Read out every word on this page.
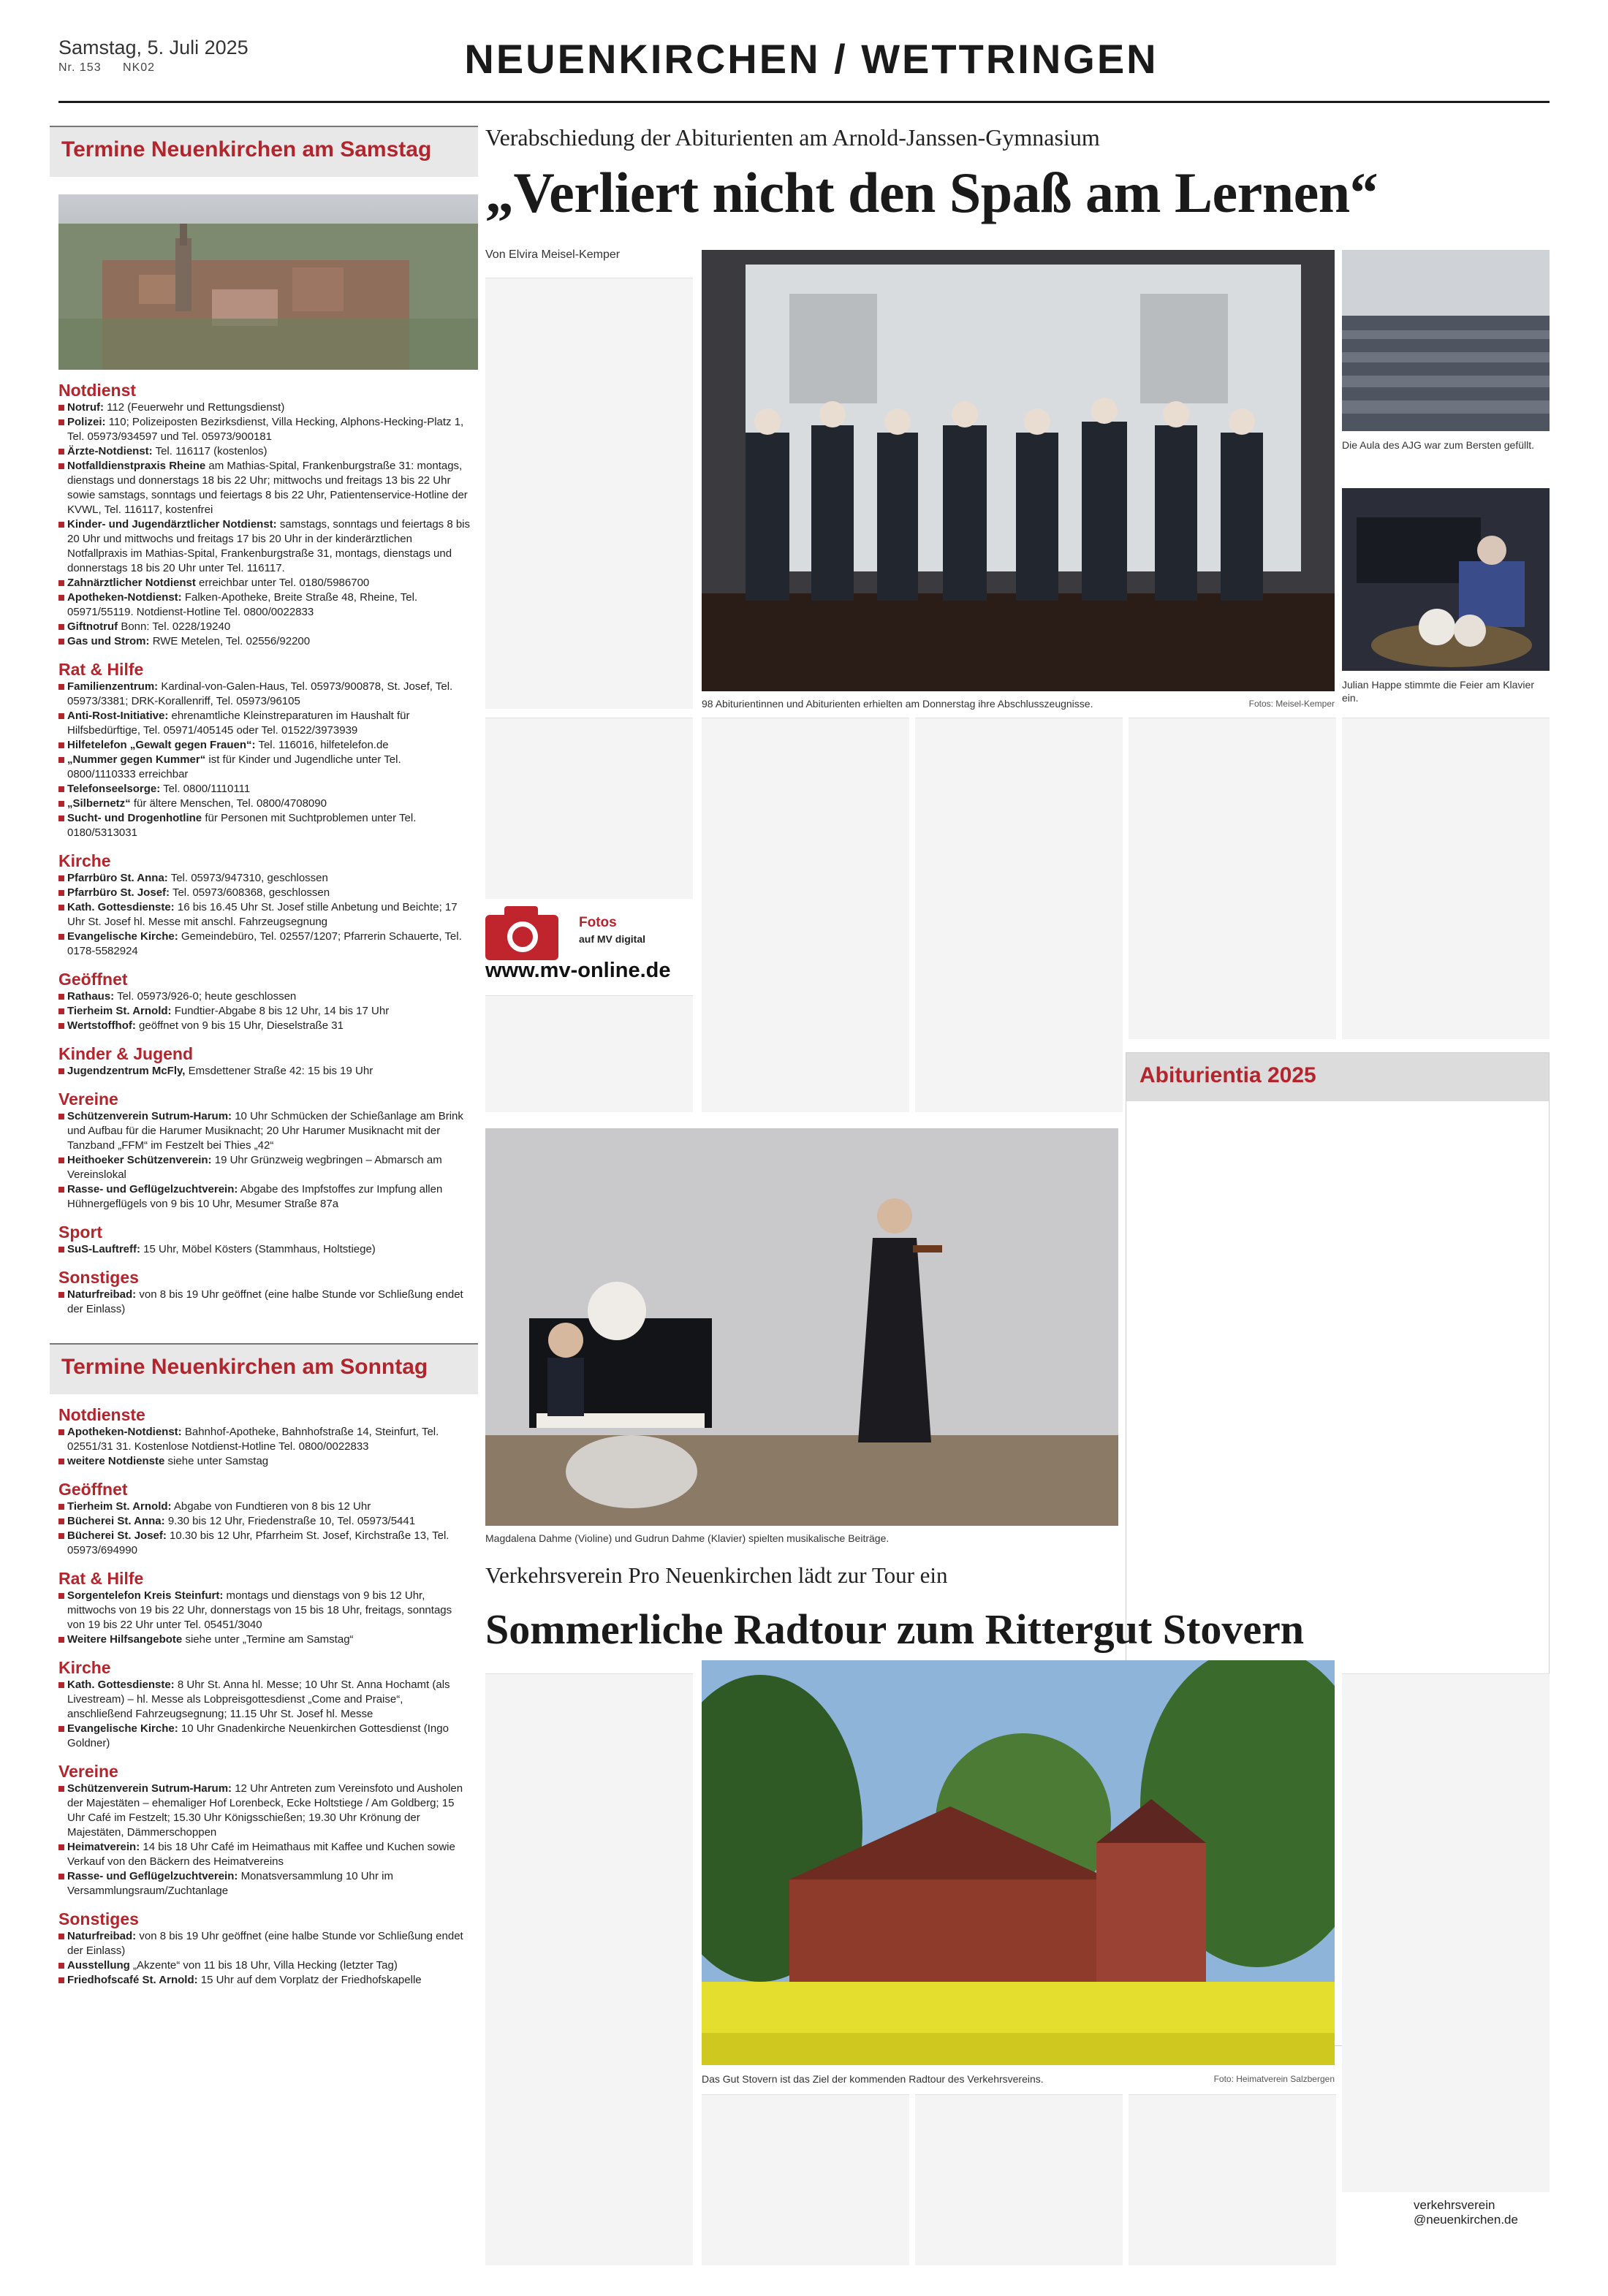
Samstag, 5. Juli 2025
Nr. 153 NK02	NEUENKIRCHEN / WETTRINGEN
Termine Neuenkirchen am Samstag
Notdienst
Notruf: 112 (Feuerwehr und Rettungsdienst)
Polizei: 110; Polizeiposten Bezirksdienst, Villa Hecking, Alphons-Hecking-Platz 1, Tel. 05973/934597 und Tel. 05973/900181
Ärzte-Notdienst: Tel. 116117 (kostenlos)
Notfalldienstpraxis Rheine am Mathias-Spital, Frankenburgstraße 31: montags, dienstags und donnerstags 18 bis 22 Uhr; mittwochs und freitags 13 bis 22 Uhr sowie samstags, sonntags und feiertags 8 bis 22 Uhr, Patientenservice-Hotline der KVWL, Tel. 116117, kostenfrei
Kinder- und Jugendärztlicher Notdienst: samstags, sonntags und feiertags 8 bis 20 Uhr und mittwochs und freitags 17 bis 20 Uhr in der kinderärztlichen Notfallpraxis im Mathias-Spital, Frankenburgstraße 31, montags, dienstags und donnerstags 18 bis 20 Uhr unter Tel. 116117.
Zahnärztlicher Notdienst erreichbar unter Tel. 0180/5986700
Apotheken-Notdienst: Falken-Apotheke, Breite Straße 48, Rheine, Tel. 05971/55119. Notdienst-Hotline Tel. 0800/0022833
Giftnotruf Bonn: Tel. 0228/19240
Gas und Strom: RWE Metelen, Tel. 02556/92200
Rat & Hilfe
Familienzentrum: Kardinal-von-Galen-Haus, Tel. 05973/900878, St. Josef, Tel. 05973/3381; DRK-Korallenriff, Tel. 05973/96105
Anti-Rost-Initiative: ehrenamtliche Kleinstreparaturen im Haushalt für Hilfsbedürftige, Tel. 05971/405145 oder Tel. 01522/3973939
Hilfetelefon „Gewalt gegen Frauen“: Tel. 116016, hilfetelefon.de
„Nummer gegen Kummer“ ist für Kinder und Jugendliche unter Tel. 0800/1110333 erreichbar
Telefonseelsorge: Tel. 0800/1110111
„Silbernetz“ für ältere Menschen, Tel. 0800/4708090
Sucht- und Drogenhotline für Personen mit Suchtproblemen unter Tel. 0180/5313031
Kirche
Pfarrbüro St. Anna: Tel. 05973/947310, geschlossen
Pfarrbüro St. Josef: Tel. 05973/608368, geschlossen
Kath. Gottesdienste: 16 bis 16.45 Uhr St. Josef stille Anbetung und Beichte; 17 Uhr St. Josef hl. Messe mit anschl. Fahrzeugsegnung
Evangelische Kirche: Gemeindebüro, Tel. 02557/1207; Pfarrerin Schauerte, Tel. 0178-5582924
Geöffnet
Rathaus: Tel. 05973/926-0; heute geschlossen
Tierheim St. Arnold: Fundtier-Abgabe 8 bis 12 Uhr, 14 bis 17 Uhr
Wertstoffhof: geöffnet von 9 bis 15 Uhr, Dieselstraße 31
Kinder & Jugend
Jugendzentrum McFly, Emsdettener Straße 42: 15 bis 19 Uhr
Vereine
Schützenverein Sutrum-Harum: 10 Uhr Schmücken der Schießanlage am Brink und Aufbau für die Harumer Musiknacht; 20 Uhr Harumer Musiknacht mit der Tanzband „FFM“ im Festzelt bei Thies „42“
Heithoeker Schützenverein: 19 Uhr Grünzweig wegbringen – Abmarsch am Vereinslokal
Rasse- und Geflügelzuchtverein: Abgabe des Impfstoffes zur Impfung allen Hühnergeflügels von 9 bis 10 Uhr, Mesumer Straße 87a
Sport
SuS-Lauftreff: 15 Uhr, Möbel Kösters (Stammhaus, Holtstiege)
Sonstiges
Naturfreibad: von 8 bis 19 Uhr geöffnet (eine halbe Stunde vor Schließung endet der Einlass)
Termine Neuenkirchen am Sonntag
Notdienste
Apotheken-Notdienst: Bahnhof-Apotheke, Bahnhofstraße 14, Steinfurt, Tel. 02551/31 31. Kostenlose Notdienst-Hotline Tel. 0800/0022833
weitere Notdienste siehe unter Samstag
Geöffnet
Tierheim St. Arnold: Abgabe von Fundtieren von 8 bis 12 Uhr
Bücherei St. Anna: 9.30 bis 12 Uhr, Friedenstraße 10, Tel. 05973/5441
Bücherei St. Josef: 10.30 bis 12 Uhr, Pfarrheim St. Josef, Kirchstraße 13, Tel. 05973/694990
Rat & Hilfe
Sorgentelefon Kreis Steinfurt: montags und dienstags von 9 bis 12 Uhr, mittwochs von 19 bis 22 Uhr, donnerstags von 15 bis 18 Uhr, freitags, sonntags von 19 bis 22 Uhr unter Tel. 05451/3040
Weitere Hilfsangebote siehe unter „Termine am Samstag“
Kirche
Kath. Gottesdienste: 8 Uhr St. Anna hl. Messe; 10 Uhr St. Anna Hochamt (als Livestream) – hl. Messe als Lobpreisgottesdienst „Come and Praise“, anschließend Fahrzeugsegnung; 11.15 Uhr St. Josef hl. Messe
Evangelische Kirche: 10 Uhr Gnadenkirche Neuenkirchen Gottesdienst (Ingo Goldner)
Vereine
Schützenverein Sutrum-Harum: 12 Uhr Antreten zum Vereinsfoto und Ausholen der Majestäten – ehemaliger Hof Lorenbeck, Ecke Holtstiege / Am Goldberg; 15 Uhr Café im Festzelt; 15.30 Uhr Königsschießen; 19.30 Uhr Krönung der Majestäten, Dämmerschoppen
Heimatverein: 14 bis 18 Uhr Café im Heimathaus mit Kaffee und Kuchen sowie Verkauf von den Bäckern des Heimatvereins
Rasse- und Geflügelzuchtverein: Monatsversammlung 10 Uhr im Versammlungsraum/Zuchtanlage
Sonstiges
Naturfreibad: von 8 bis 19 Uhr geöffnet (eine halbe Stunde vor Schließung endet der Einlass)
Ausstellung „Akzente“ von 11 bis 18 Uhr, Villa Hecking (letzter Tag)
Friedhofscafé St. Arnold: 15 Uhr auf dem Vorplatz der Friedhofskapelle
Verabschiedung der Abiturienten am Arnold-Janssen-Gymnasium
„Verliert nicht den Spaß am Lernen“
Von Elvira Meisel-Kemper
98 Abiturientinnen und Abiturienten erhielten am Donnerstag ihre Abschlusszeugnisse.	Fotos: Meisel-Kemper
Die Aula des AJG war zum Bersten gefüllt.
Julian Happe stimmte die Feier am Klavier ein.
Fotos
auf MV digital
www.mv-online.de
Magdalena Dahme (Violine) und Gudrun Dahme (Klavier) spielten musikalische Beiträge.
Abiturientia 2025
Verkehrsverein Pro Neuenkirchen lädt zur Tour ein
Sommerliche Radtour zum Rittergut Stovern
Das Gut Stovern ist das Ziel der kommenden Radtour des Verkehrsvereins.	Foto: Heimatverein Salzbergen
verkehrsverein @neuenkirchen.de
